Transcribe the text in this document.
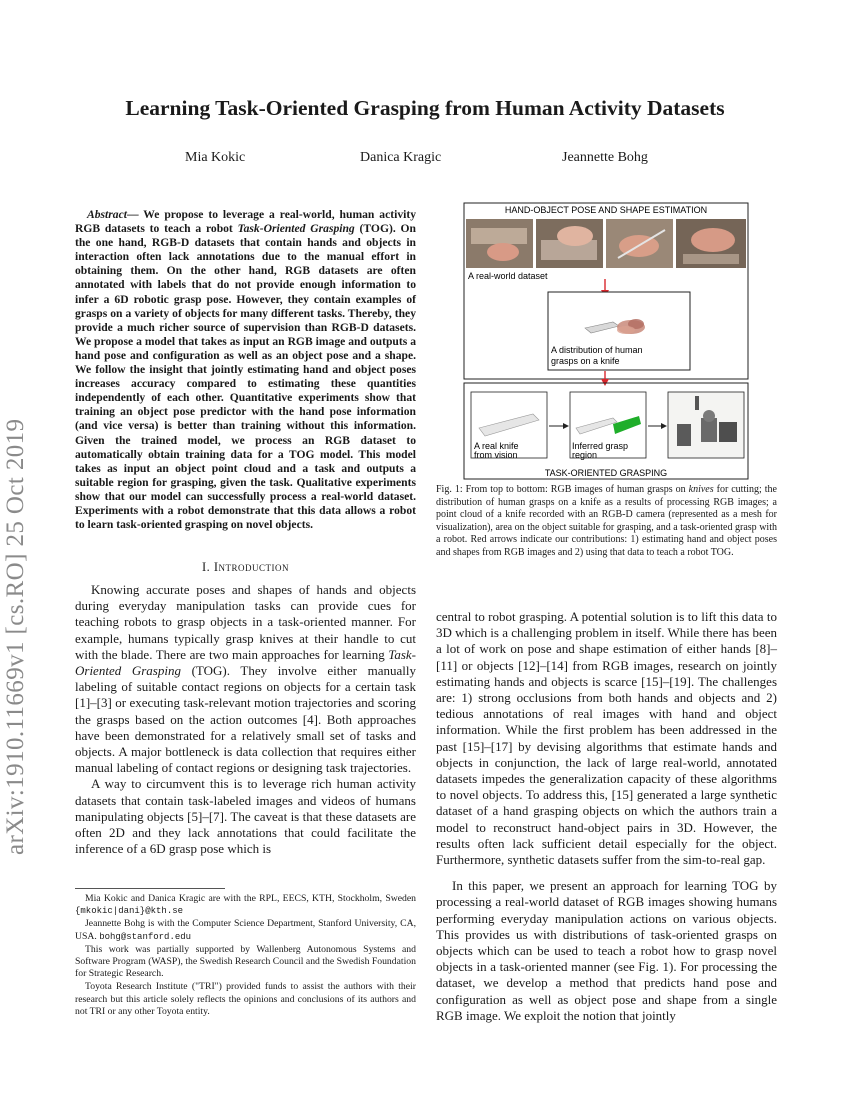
Learning Task-Oriented Grasping from Human Activity Datasets
Mia Kokic	Danica Kragic	Jeannette Bohg
arXiv:1910.11669v1 [cs.RO] 25 Oct 2019
Abstract— We propose to leverage a real-world, human activity RGB datasets to teach a robot Task-Oriented Grasping (TOG). On the one hand, RGB-D datasets that contain hands and objects in interaction often lack annotations due to the manual effort in obtaining them. On the other hand, RGB datasets are often annotated with labels that do not provide enough information to infer a 6D robotic grasp pose. However, they contain examples of grasps on a variety of objects for many different tasks. Thereby, they provide a much richer source of supervision than RGB-D datasets. We propose a model that takes as input an RGB image and outputs a hand pose and configuration as well as an object pose and a shape. We follow the insight that jointly estimating hand and object poses increases accuracy compared to estimating these quantities independently of each other. Quantitative experiments show that training an object pose predictor with the hand pose information (and vice versa) is better than training without this information. Given the trained model, we process an RGB dataset to automatically obtain training data for a TOG model. This model takes as input an object point cloud and a task and outputs a suitable region for grasping, given the task. Qualitative experiments show that our model can successfully process a real-world dataset. Experiments with a robot demonstrate that this data allows a robot to learn task-oriented grasping on novel objects.
I. Introduction

Knowing accurate poses and shapes of hands and objects during everyday manipulation tasks can provide cues for teaching robots to grasp objects in a task-oriented manner. For example, humans typically grasp knives at their handle to cut with the blade. There are two main approaches for learning Task-Oriented Grasping (TOG). They involve either manually labeling of suitable contact regions on objects for a certain task [1]–[3] or executing task-relevant motion trajectories and scoring the grasps based on the action outcomes [4]. Both approaches have been demonstrated for a relatively small set of tasks and objects. A major bottleneck is data collection that requires either manual labeling of contact regions or designing task trajectories.

A way to circumvent this is to leverage rich human activity datasets that contain task-labeled images and videos of humans manipulating objects [5]–[7]. The caveat is that these datasets are often 2D and they lack annotations that could facilitate the inference of a 6D grasp pose which is

Mia Kokic and Danica Kragic are with the RPL, EECS, KTH, Stockholm, Sweden {mkokic|dani}@kth.se

Jeannette Bohg is with the Computer Science Department, Stanford University, CA, USA. bohg@stanford.edu

This work was partially supported by Wallenberg Autonomous Systems and Software Program (WASP), the Swedish Research Council and the Swedish Foundation for Strategic Research.

Toyota Research Institute ("TRI") provided funds to assist the authors with their research but this article solely reflects the opinions and conclusions of its authors and not TRI or any other Toyota entity.

HAND-OBJECT POSE AND SHAPE ESTIMATION
A real-world dataset
A distribution of human
grasps on a knife
A real knife
from vision
Inferred grasp
region
TASK-ORIENTED GRASPING
Fig. 1: From top to bottom: RGB images of human grasps on knives for cutting; the distribution of human grasps on a knife as a results of processing RGB images; a point cloud of a knife recorded with an RGB-D camera (represented as a mesh for visualization), area on the object suitable for grasping, and a task-oriented grasp with a robot. Red arrows indicate our contributions: 1) estimating hand and object poses and shapes from RGB images and 2) using that data to teach a robot TOG.

central to robot grasping. A potential solution is to lift this data to 3D which is a challenging problem in itself. While there has been a lot of work on pose and shape estimation of either hands [8]–[11] or objects [12]–[14] from RGB images, research on jointly estimating hands and objects is scarce [15]–[19]. The challenges are: 1) strong occlusions from both hands and objects and 2) tedious annotations of real images with hand and object information. While the first problem has been addressed in the past [15]–[17] by devising algorithms that estimate hands and objects in conjunction, the lack of large real-world, annotated datasets impedes the generalization capacity of these algorithms to novel objects. To address this, [15] generated a large synthetic dataset of a hand grasping objects on which the authors train a model to reconstruct hand-object pairs in 3D. However, the results often lack sufficient detail especially for the object. Furthermore, synthetic datasets suffer from the sim-to-real gap.

In this paper, we present an approach for learning TOG by processing a real-world dataset of RGB images showing humans performing everyday manipulation actions on various objects. This provides us with distributions of task-oriented grasps on objects which can be used to teach a robot how to grasp novel objects in a task-oriented manner (see Fig. 1). For processing the dataset, we develop a method that predicts hand pose and configuration as well as object pose and shape from a single RGB image. We exploit the notion that jointly
